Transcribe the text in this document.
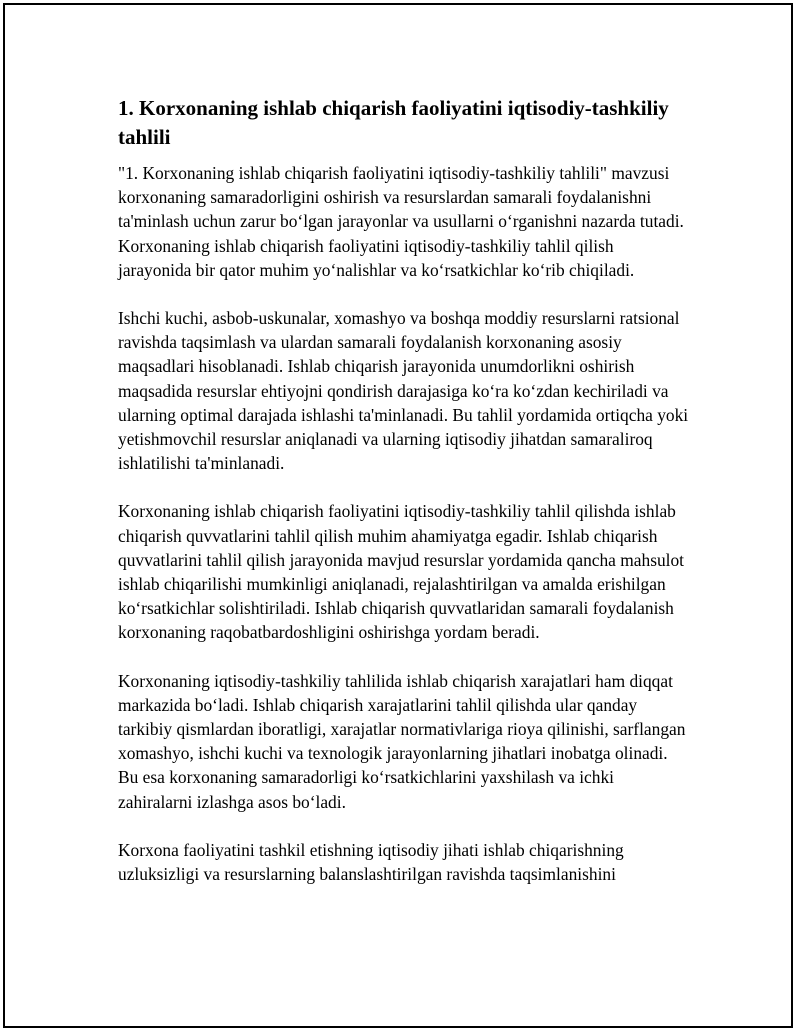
1. Korxonaning ishlab chiqarish faoliyatini iqtisodiy-tashkiliy tahlili

"1. Korxonaning ishlab chiqarish faoliyatini iqtisodiy-tashkiliy tahlili" mavzusi korxonaning samaradorligini oshirish va resurslardan samarali foydalanishni ta'minlash uchun zarur bo‘lgan jarayonlar va usullarni o‘rganishni nazarda tutadi. Korxonaning ishlab chiqarish faoliyatini iqtisodiy-tashkiliy tahlil qilish jarayonida bir qator muhim yo‘nalishlar va ko‘rsatkichlar ko‘rib chiqiladi.

Ishchi kuchi, asbob-uskunalar, xomashyo va boshqa moddiy resurslarni ratsional ravishda taqsimlash va ulardan samarali foydalanish korxonaning asosiy maqsadlari hisoblanadi. Ishlab chiqarish jarayonida unumdorlikni oshirish maqsadida resurslar ehtiyojni qondirish darajasiga ko‘ra ko‘zdan kechiriladi va ularning optimal darajada ishlashi ta'minlanadi. Bu tahlil yordamida ortiqcha yoki yetishmovchil resurslar aniqlanadi va ularning iqtisodiy jihatdan samaraliroq ishlatilishi ta'minlanadi.

Korxonaning ishlab chiqarish faoliyatini iqtisodiy-tashkiliy tahlil qilishda ishlab chiqarish quvvatlarini tahlil qilish muhim ahamiyatga egadir. Ishlab chiqarish quvvatlarini tahlil qilish jarayonida mavjud resurslar yordamida qancha mahsulot ishlab chiqarilishi mumkinligi aniqlanadi, rejalashtirilgan va amalda erishilgan ko‘rsatkichlar solishtiriladi. Ishlab chiqarish quvvatlaridan samarali foydalanish korxonaning raqobatbardoshligini oshirishga yordam beradi.

Korxonaning iqtisodiy-tashkiliy tahlilida ishlab chiqarish xarajatlari ham diqqat markazida bo‘ladi. Ishlab chiqarish xarajatlarini tahlil qilishda ular qanday tarkibiy qismlardan iboratligi, xarajatlar normativlariga rioya qilinishi, sarflangan xomashyo, ishchi kuchi va texnologik jarayonlarning jihatlari inobatga olinadi. Bu esa korxonaning samaradorligi ko‘rsatkichlarini yaxshilash va ichki zahiralarni izlashga asos bo‘ladi.

Korxona faoliyatini tashkil etishning iqtisodiy jihati ishlab chiqarishning uzluksizligi va resurslarning balanslashtirilgan ravishda taqsimlanishini
